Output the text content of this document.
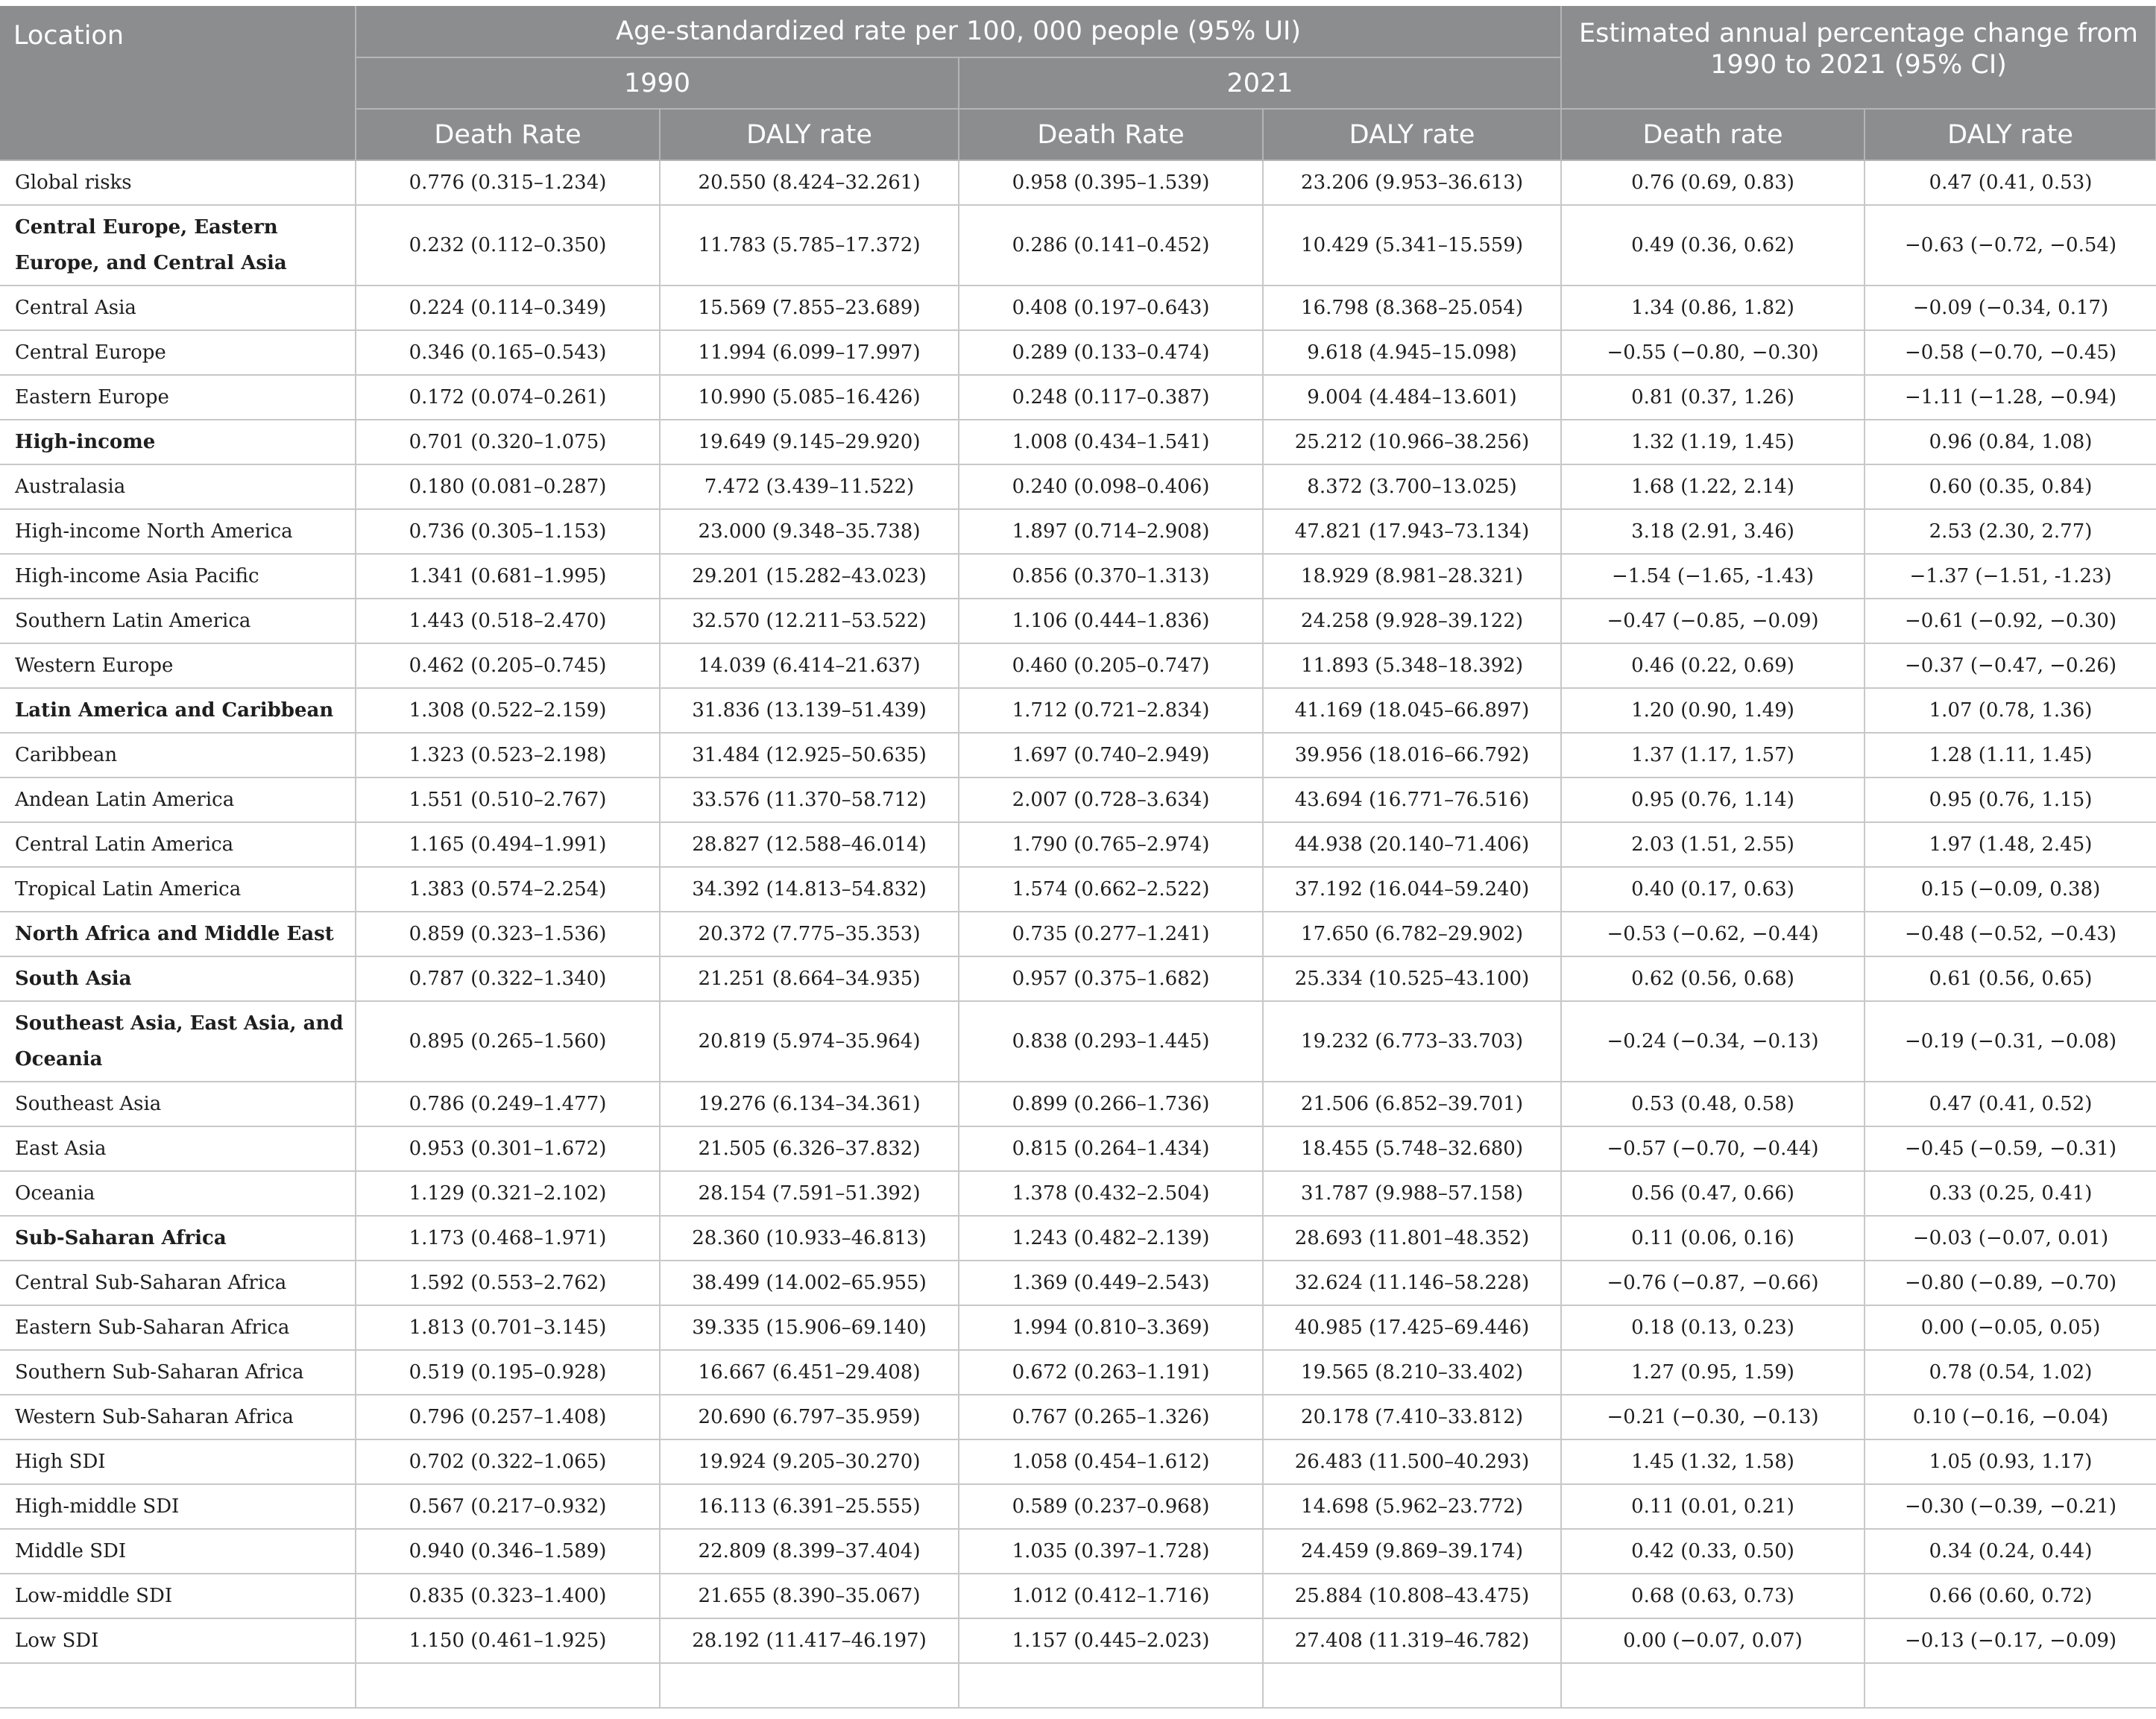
Location	Age-standardized rate per 100, 000 people (95% UI)				Estimated annual percentage change from 1990 to 2021 (95% CI)	
	1990		2021			
	Death Rate	DALY rate	Death Rate	DALY rate	Death rate	DALY rate
Global risks	0.776 (0.315–1.234)	20.550 (8.424–32.261)	0.958 (0.395–1.539)	23.206 (9.953–36.613)	0.76 (0.69, 0.83)	0.47 (0.41, 0.53)
Central Europe, Eastern Europe, and Central Asia	0.232 (0.112–0.350)	11.783 (5.785–17.372)	0.286 (0.141–0.452)	10.429 (5.341–15.559)	0.49 (0.36, 0.62)	−0.63 (−0.72, −0.54)
Central Asia	0.224 (0.114–0.349)	15.569 (7.855–23.689)	0.408 (0.197–0.643)	16.798 (8.368–25.054)	1.34 (0.86, 1.82)	−0.09 (−0.34, 0.17)
Central Europe	0.346 (0.165–0.543)	11.994 (6.099–17.997)	0.289 (0.133–0.474)	9.618 (4.945–15.098)	−0.55 (−0.80, −0.30)	−0.58 (−0.70, −0.45)
Eastern Europe	0.172 (0.074–0.261)	10.990 (5.085–16.426)	0.248 (0.117–0.387)	9.004 (4.484–13.601)	0.81 (0.37, 1.26)	−1.11 (−1.28, −0.94)
High-income	0.701 (0.320–1.075)	19.649 (9.145–29.920)	1.008 (0.434–1.541)	25.212 (10.966–38.256)	1.32 (1.19, 1.45)	0.96 (0.84, 1.08)
Australasia	0.180 (0.081–0.287)	7.472 (3.439–11.522)	0.240 (0.098–0.406)	8.372 (3.700–13.025)	1.68 (1.22, 2.14)	0.60 (0.35, 0.84)
High-income North America	0.736 (0.305–1.153)	23.000 (9.348–35.738)	1.897 (0.714–2.908)	47.821 (17.943–73.134)	3.18 (2.91, 3.46)	2.53 (2.30, 2.77)
High-income Asia Pacific	1.341 (0.681–1.995)	29.201 (15.282–43.023)	0.856 (0.370–1.313)	18.929 (8.981–28.321)	−1.54 (−1.65, -1.43)	−1.37 (−1.51, -1.23)
Southern Latin America	1.443 (0.518–2.470)	32.570 (12.211–53.522)	1.106 (0.444–1.836)	24.258 (9.928–39.122)	−0.47 (−0.85, −0.09)	−0.61 (−0.92, −0.30)
Western Europe	0.462 (0.205–0.745)	14.039 (6.414–21.637)	0.460 (0.205–0.747)	11.893 (5.348–18.392)	0.46 (0.22, 0.69)	−0.37 (−0.47, −0.26)
Latin America and Caribbean	1.308 (0.522–2.159)	31.836 (13.139–51.439)	1.712 (0.721–2.834)	41.169 (18.045–66.897)	1.20 (0.90, 1.49)	1.07 (0.78, 1.36)
Caribbean	1.323 (0.523–2.198)	31.484 (12.925–50.635)	1.697 (0.740–2.949)	39.956 (18.016–66.792)	1.37 (1.17, 1.57)	1.28 (1.11, 1.45)
Andean Latin America	1.551 (0.510–2.767)	33.576 (11.370–58.712)	2.007 (0.728–3.634)	43.694 (16.771–76.516)	0.95 (0.76, 1.14)	0.95 (0.76, 1.15)
Central Latin America	1.165 (0.494–1.991)	28.827 (12.588–46.014)	1.790 (0.765–2.974)	44.938 (20.140–71.406)	2.03 (1.51, 2.55)	1.97 (1.48, 2.45)
Tropical Latin America	1.383 (0.574–2.254)	34.392 (14.813–54.832)	1.574 (0.662–2.522)	37.192 (16.044–59.240)	0.40 (0.17, 0.63)	0.15 (−0.09, 0.38)
North Africa and Middle East	0.859 (0.323–1.536)	20.372 (7.775–35.353)	0.735 (0.277–1.241)	17.650 (6.782–29.902)	−0.53 (−0.62, −0.44)	−0.48 (−0.52, −0.43)
South Asia	0.787 (0.322–1.340)	21.251 (8.664–34.935)	0.957 (0.375–1.682)	25.334 (10.525–43.100)	0.62 (0.56, 0.68)	0.61 (0.56, 0.65)
Southeast Asia, East Asia, and Oceania	0.895 (0.265–1.560)	20.819 (5.974–35.964)	0.838 (0.293–1.445)	19.232 (6.773–33.703)	−0.24 (−0.34, −0.13)	−0.19 (−0.31, −0.08)
Southeast Asia	0.786 (0.249–1.477)	19.276 (6.134–34.361)	0.899 (0.266–1.736)	21.506 (6.852–39.701)	0.53 (0.48, 0.58)	0.47 (0.41, 0.52)
East Asia	0.953 (0.301–1.672)	21.505 (6.326–37.832)	0.815 (0.264–1.434)	18.455 (5.748–32.680)	−0.57 (−0.70, −0.44)	−0.45 (−0.59, −0.31)
Oceania	1.129 (0.321–2.102)	28.154 (7.591–51.392)	1.378 (0.432–2.504)	31.787 (9.988–57.158)	0.56 (0.47, 0.66)	0.33 (0.25, 0.41)
Sub-Saharan Africa	1.173 (0.468–1.971)	28.360 (10.933–46.813)	1.243 (0.482–2.139)	28.693 (11.801–48.352)	0.11 (0.06, 0.16)	−0.03 (−0.07, 0.01)
Central Sub-Saharan Africa	1.592 (0.553–2.762)	38.499 (14.002–65.955)	1.369 (0.449–2.543)	32.624 (11.146–58.228)	−0.76 (−0.87, −0.66)	−0.80 (−0.89, −0.70)
Eastern Sub-Saharan Africa	1.813 (0.701–3.145)	39.335 (15.906–69.140)	1.994 (0.810–3.369)	40.985 (17.425–69.446)	0.18 (0.13, 0.23)	0.00 (−0.05, 0.05)
Southern Sub-Saharan Africa	0.519 (0.195–0.928)	16.667 (6.451–29.408)	0.672 (0.263–1.191)	19.565 (8.210–33.402)	1.27 (0.95, 1.59)	0.78 (0.54, 1.02)
Western Sub-Saharan Africa	0.796 (0.257–1.408)	20.690 (6.797–35.959)	0.767 (0.265–1.326)	20.178 (7.410–33.812)	−0.21 (−0.30, −0.13)	0.10 (−0.16, −0.04)
High SDI	0.702 (0.322–1.065)	19.924 (9.205–30.270)	1.058 (0.454–1.612)	26.483 (11.500–40.293)	1.45 (1.32, 1.58)	1.05 (0.93, 1.17)
High-middle SDI	0.567 (0.217–0.932)	16.113 (6.391–25.555)	0.589 (0.237–0.968)	14.698 (5.962–23.772)	0.11 (0.01, 0.21)	−0.30 (−0.39, −0.21)
Middle SDI	0.940 (0.346–1.589)	22.809 (8.399–37.404)	1.035 (0.397–1.728)	24.459 (9.869–39.174)	0.42 (0.33, 0.50)	0.34 (0.24, 0.44)
Low-middle SDI	0.835 (0.323–1.400)	21.655 (8.390–35.067)	1.012 (0.412–1.716)	25.884 (10.808–43.475)	0.68 (0.63, 0.73)	0.66 (0.60, 0.72)
Low SDI	1.150 (0.461–1.925)	28.192 (11.417–46.197)	1.157 (0.445–2.023)	27.408 (11.319–46.782)	0.00 (−0.07, 0.07)	−0.13 (−0.17, −0.09)
